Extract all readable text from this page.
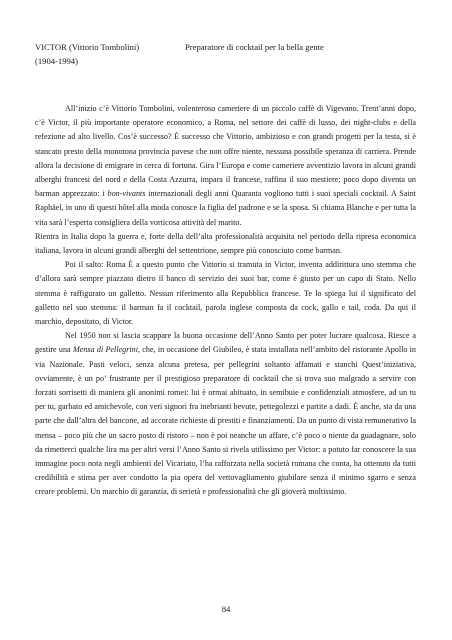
VICTOR (Vittorio Tombolini)	Preparatore di cocktail per la bella gente
(1904-1994)

All’inizio c’è Vittorio Tombolini, volenteroso cameriere di un piccolo caffè di Vigevano. Trent’anni dopo, c’è Victor, il più importante operatore economico, a Roma, nel settore dei caffè di lusso, dei night-clubs e della refezione ad alto livello. Cos’è successo? È successo che Vittorio, ambizioso e con grandi progetti per la testa, si è stancato presto della monotona provincia pavese che non offre niente, nessuna possibile speranza di carriera. Prende allora la decisione di emigrare in cerca di fortuna. Gira l’Europa e come cameriere avventizio lavora in alcuni grandi alberghi francesi del nord e della Costa Azzurra, impara il francese, raffina il suo mestiere; poco dopo diventa un barman apprezzato: i bon-vivants internazionali degli anni Quaranta vogliono tutti i suoi speciali cocktail. A Saint Raphäel, in uno di questi hôtel alla moda conosce la figlia del padrone e se la sposa. Si chiama Blanche e per tutta la vita sarà l’esperta consigliera della vorticosa attività del marito.

Rientra in Italia dopo la guerra e, forte della dell’alta professionalità acquisita nel periodo della ripresa economica italiana, lavora in alcuni grandi alberghi del settentrione, sempre più conosciuto come barman.

Poi il salto: Roma È a questo punto che Vittorio si tramuta in Victor, inventa addirittura uno stemma che d’allora sarà sempre piazzato dietro il banco di servizio dei suoi bar, come è giusto per un capo di Stato. Nello stemma è raffigurato un galletto. Nessun riferimento alla Repubblica francese. Te lo spiega lui il significato del galletto nel suo stemma: il barman fa il cocktail, parola inglese composta da cock, gallo e tail, coda. Da qui il marchio, depositato, di Victor.

Nel 1950 non si lascia scappare la buona occasione dell’Anno Santo per poter lucrare qualcosa. Riesce a gestire una Mensa di Pellegrini, che, in occasione del Giubileo, è stata installata nell’ambito del ristorante Apollo in via Nazionale. Pasti veloci, senza alcuna pretesa, per pellegrini soltanto affamati e stanchi Quest’iniziativa, ovviamente, è un po’ frustrante per il prestigioso preparatore di cocktail che si trova suo malgrado a servire con forzati sorrisetti di maniera gli anonimi romei: lui è ormai abituato, in semibuie e confidenziali atmosfere, ad un tu per tu, garbato ed amichevole, con veri signori fra inebrianti bevute, pettegolezzi e partite a dadi. È anche, sia da una parte che dall’altra del bancone, ad accorate richieste di prestiti e finanziamenti. Da un punto di vista remunerativo la mensa – poco più che un sacro posto di ristoro – non è poi neanche un affare, c’è poco o niente da guadagnare, solo da rimetterci qualche lira ma per altri versi l’Anno Santo si rivela utilissimo per Victor: a potuto far conoscere la sua immagine poco nota negli ambienti del Vicariato, l’ha rafforzata nella società romana che conta, ha ottenuto da tutti credibilità e stima per aver condotto la pia opera del vettovagliamento giubilare senza il minimo sgarro e senza creare problemi. Un marchio di garanzia, di serietà e professionalità che gli gioverà moltissimo.

84
